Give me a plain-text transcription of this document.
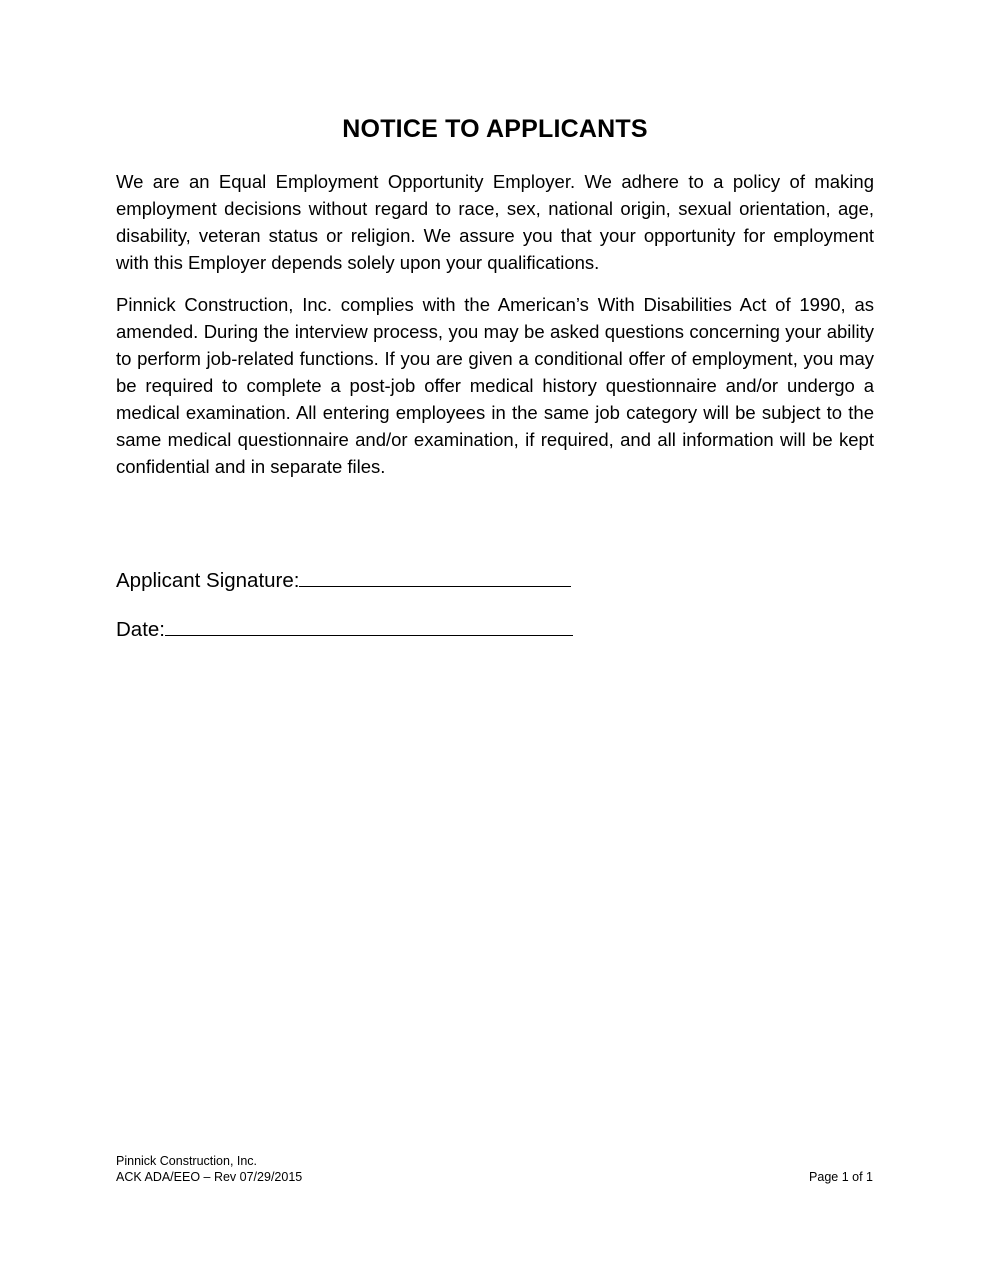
NOTICE TO APPLICANTS

We are an Equal Employment Opportunity Employer. We adhere to a policy of making employment decisions without regard to race, sex, national origin, sexual orientation, age, disability, veteran status or religion. We assure you that your opportunity for employment with this Employer depends solely upon your qualifications.

Pinnick Construction, Inc. complies with the American’s With Disabilities Act of 1990, as amended. During the interview process, you may be asked questions concerning your ability to perform job-related functions. If you are given a conditional offer of employment, you may be required to complete a post-job offer medical history questionnaire and/or undergo a medical examination. All entering employees in the same job category will be subject to the same medical questionnaire and/or examination, if required, and all information will be kept confidential and in separate files.

Applicant Signature:
Date:
Pinnick Construction, Inc.
ACK ADA/EEO – Rev 07/29/2015	Page 1 of 1
